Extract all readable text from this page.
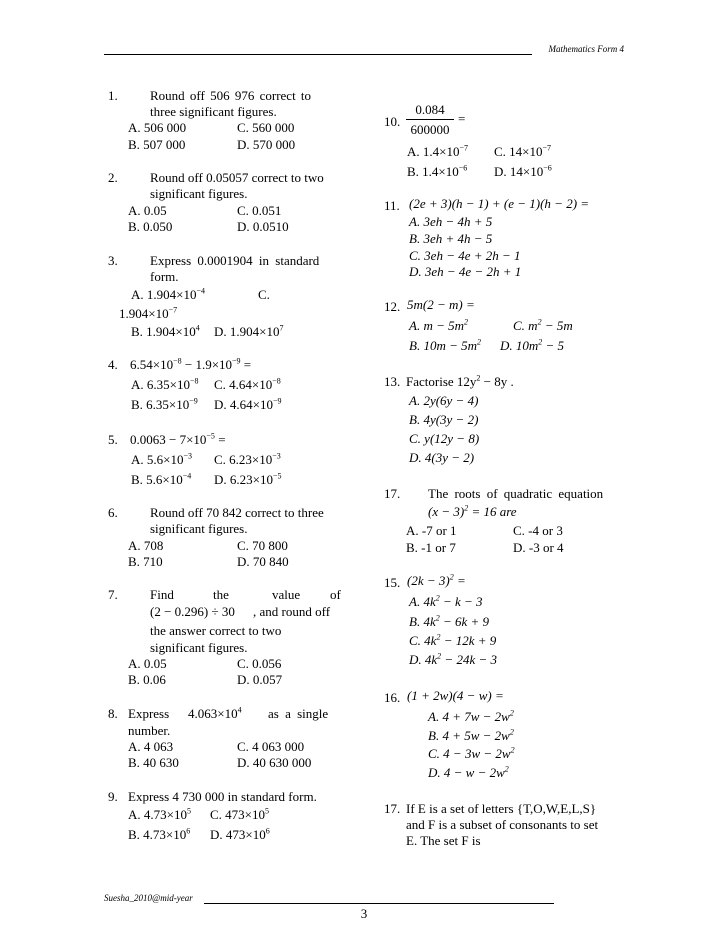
Mathematics Form 4
1. Round off 506 976 correct to
three significant figures.
A. 506 000	C. 560 000
B. 507 000	D. 570 000
2. Round off 0.05057 correct to two
significant figures.
A. 0.05	C. 0.051
B. 0.050	D. 0.0510
3. Express 0.0001904 in standard
form.
A. $1.904\times 10^{-4}$	C.
$1.904\times 10^{-7}$
B. $1.904\times 10^4$ D. $1.904\times 10^7$
4. $6.54\times 10^{-8} - 1.9\times 10^{-9}$ =
A. $6.35\times 10^{-8}$ C. $4.64\times 10^{-8}$
B. $6.35\times 10^{-9}$ D. $4.64\times 10^{-9}$
5. $0.0063 - 7\times 10^{-5}$ =
A. $5.6\times 10^{-3}$ C. $6.23\times 10^{-3}$
B. $5.6\times 10^{-4}$ D. $6.23\times 10^{-5}$
6. Round off 70 842 correct to three
significant figures.
A. 708	C. 70 800
B. 710	D. 70 840
7. Find	the	value of
(2 − 0.296) ÷ 30 , and round off
the answer correct to two
significant figures.
A. 0.05	C. 0.056
B. 0.06	D. 0.057
8. Express $4.063\times 10^4$ as a single
number.
A. 4 063	C. 4 063 000
B. 40 630	D. 40 630 000
9. Express 4 730 000 in standard form.
A. $4.73\times 10^5$ C. $473\times 10^5$
B. $4.73\times 10^6$ D. $473\times 10^6$
10.
0.084
600000
=
A. $1.4\times 10^{-7}$ C. $14\times 10^{-7}$
B. $1.4\times 10^{-6}$ D. $14\times 10^{-6}$
11. (2e + 3)(h − 1) + (e − 1)(h − 2) =
A. 3eh − 4h + 5
B. 3eh + 4h − 5
C. 3eh − 4e + 2h − 1
D. 3eh − 4e − 2h + 1
12. 5m(2 − m) =
A. $m - 5m^2$	C. $m^2 - 5m$
B. $10m - 5m^2$ D. $10m^2 - 5$
13. Factorise $12y^2 - 8y$ .
A. 2y(6y − 4)
B. 4y(3y − 2)
C. y(12y − 8)
D. 4(3y − 2)
17. The roots of quadratic equation
$(x - 3)^2 = 16$ are
A. -7 or 1	C. -4 or 3
B. -1 or 7	D. -3 or 4
15. $(2k - 3)^2$ =
A. $4k^2 - k - 3$
B. $4k^2 - 6k + 9$
C. $4k^2 - 12k + 9$
D. $4k^2 - 24k - 3$
16. (1 + 2w)(4 − w) =
A. $4 + 7w - 2w^2$
B. $4 + 5w - 2w^2$
C. $4 - 3w - 2w^2$
D. $4 - w - 2w^2$
17. If E is a set of letters {T,O,W,E,L,S}
and F is a subset of consonants to set
E. The set F is
Suesha_2010@mid-year
3
